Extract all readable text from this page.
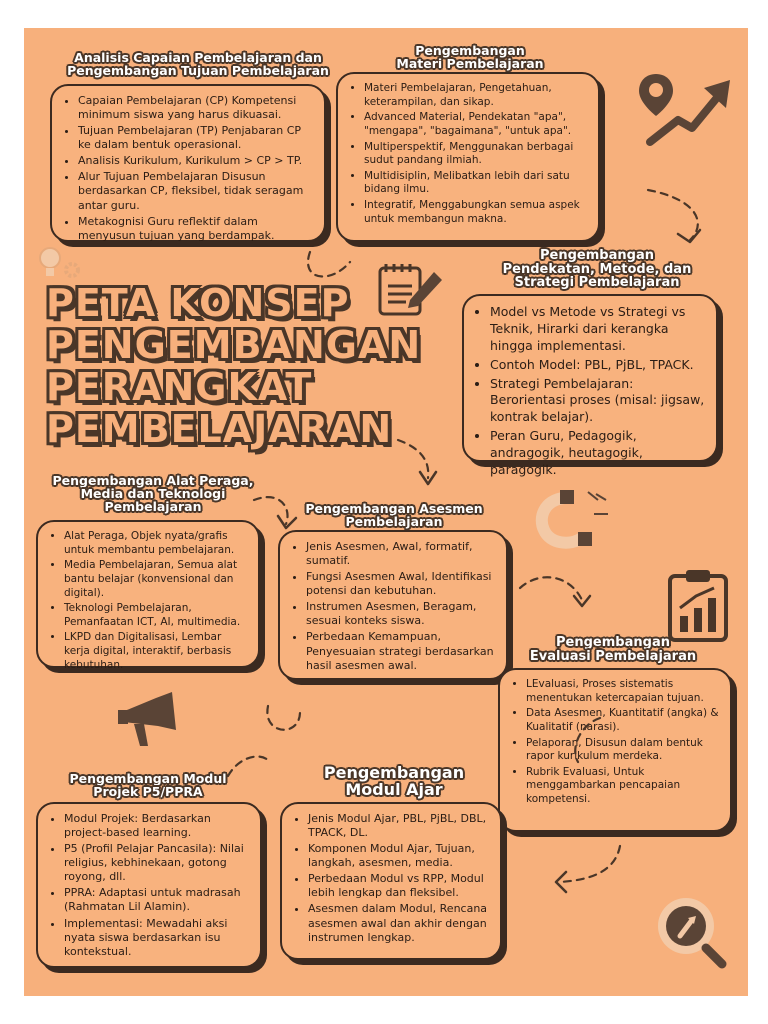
PETA KONSEP
PENGEMBANGAN
PERANGKAT
PEMBELAJARAN
Analisis Capaian Pembelajaran dan
Pengembangan Tujuan Pembelajaran
• Capaian Pembelajaran (CP) Kompetensi minimum siswa yang harus dikuasai.
• Tujuan Pembelajaran (TP) Penjabaran CP ke dalam bentuk operasional.
• Analisis Kurikulum, Kurikulum > CP > TP.
• Alur Tujuan Pembelajaran Disusun berdasarkan CP, fleksibel, tidak seragam antar guru.
• Metakognisi Guru reflektif dalam menyusun tujuan yang berdampak.
Pengembangan
Materi Pembelajaran
• Materi Pembelajaran, Pengetahuan, keterampilan, dan sikap.
• Advanced Material, Pendekatan "apa", "mengapa", "bagaimana", "untuk apa".
• Multiperspektif, Menggunakan berbagai sudut pandang ilmiah.
• Multidisiplin, Melibatkan lebih dari satu bidang ilmu.
• Integratif, Menggabungkan semua aspek untuk membangun makna.
Pengembangan
Pendekatan, Metode, dan
Strategi Pembelajaran
• Model vs Metode vs Strategi vs Teknik, Hirarki dari kerangka hingga implementasi.
• Contoh Model: PBL, PjBL, TPACK.
• Strategi Pembelajaran: Berorientasi proses (misal: jigsaw, kontrak belajar).
• Peran Guru, Pedagogik, andragogik, heutagogik, paragogik.
Pengembangan Alat Peraga,
Media dan Teknologi
Pembelajaran
• Alat Peraga, Objek nyata/grafis untuk membantu pembelajaran.
• Media Pembelajaran, Semua alat bantu belajar (konvensional dan digital).
• Teknologi Pembelajaran, Pemanfaatan ICT, AI, multimedia.
• LKPD dan Digitalisasi, Lembar kerja digital, interaktif, berbasis kebutuhan.
Pengembangan Asesmen
Pembelajaran
• Jenis Asesmen, Awal, formatif, sumatif.
• Fungsi Asesmen Awal, Identifikasi potensi dan kebutuhan.
• Instrumen Asesmen, Beragam, sesuai konteks siswa.
• Perbedaan Kemampuan, Penyesuaian strategi berdasarkan hasil asesmen awal.
Pengembangan
Evaluasi Pembelajaran
• LEvaluasi, Proses sistematis menentukan ketercapaian tujuan.
• Data Asesmen, Kuantitatif (angka) & Kualitatif (narasi).
• Pelaporan, Disusun dalam bentuk rapor kurikulum merdeka.
• Rubrik Evaluasi, Untuk menggambarkan pencapaian kompetensi.
Pengembangan Modul
Projek P5/PPRA
• Modul Projek: Berdasarkan project-based learning.
• P5 (Profil Pelajar Pancasila): Nilai religius, kebhinekaan, gotong royong, dll.
• PPRA: Adaptasi untuk madrasah (Rahmatan Lil Alamin).
• Implementasi: Mewadahi aksi nyata siswa berdasarkan isu kontekstual.
Pengembangan
Modul Ajar
• Jenis Modul Ajar, PBL, PjBL, DBL, TPACK, DL.
• Komponen Modul Ajar, Tujuan, langkah, asesmen, media.
• Perbedaan Modul vs RPP, Modul lebih lengkap dan fleksibel.
• Asesmen dalam Modul, Rencana asesmen awal dan akhir dengan instrumen lengkap.
